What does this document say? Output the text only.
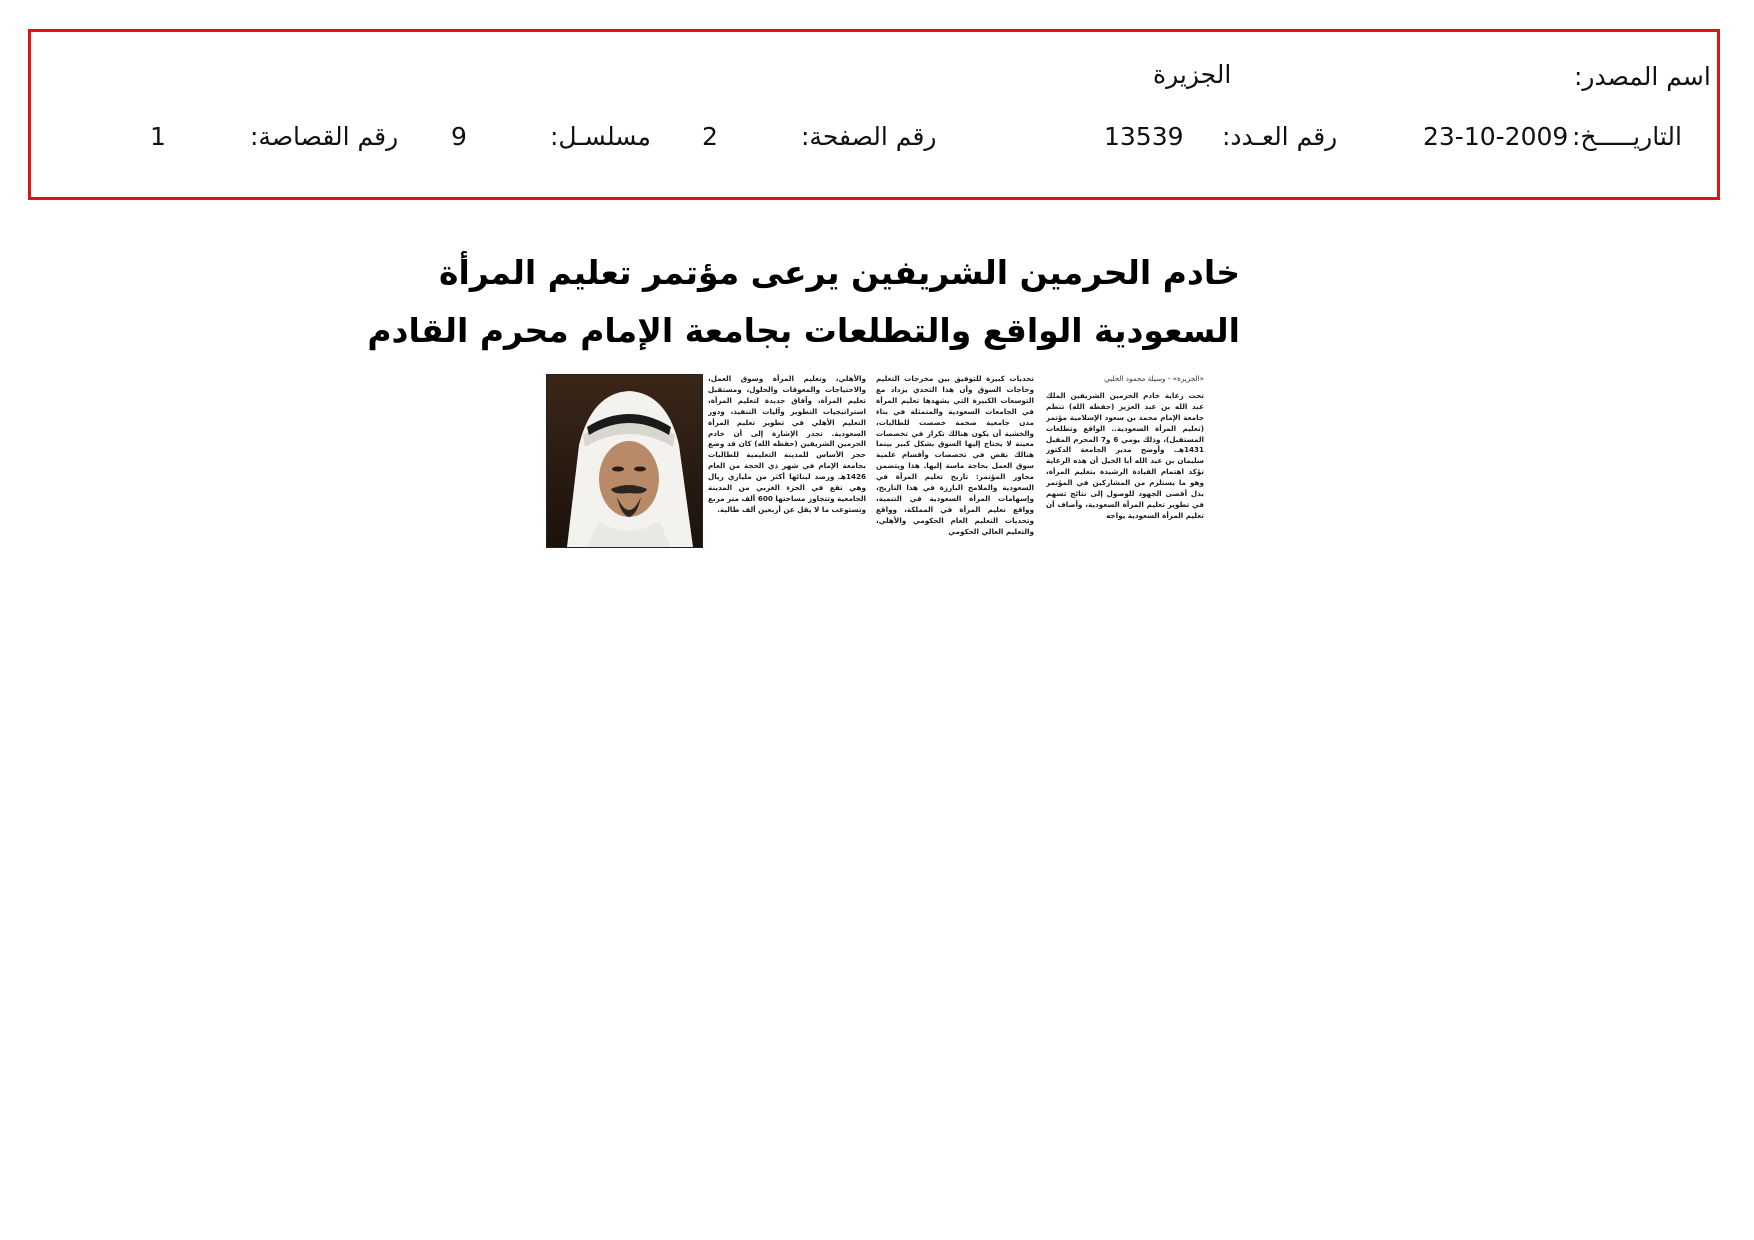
اسم المصدر:
الجزيرة
التاريـــــخ:
23-10-2009
رقم العـدد:
13539
رقم الصفحة:
2
مسلسـل:
9
رقم القصاصة:
1
خادم الحرمين الشريفين يرعى مؤتمر تعليم المرأة
السعودية الواقع والتطلعات بجامعة الإمام محرم القادم

«الجزيرة» - وسيلة محمود الحلبي

تحت رعاية خادم الحرمين الشريفين الملك عبد الله بن عبد العزيز (حفظه الله) تنظم جامعة الإمام محمد بن سعود الإسلامية مؤتمر (تعليم المرأة السعودية.. الواقع وتطلعات المستقبل)، وذلك يومي 6 و7 المحرم المقبل 1431هـ. وأوضح مدير الجامعة الدكتور سليمان بن عبد الله أبا الخيل أن هذه الرعاية تؤكد اهتمام القيادة الرشيدة بتعليم المرأة، وهو ما يستلزم من المشاركين في المؤتمر بذل أقصى الجهود للوصول إلى نتائج تسهم في تطوير تعليم المرأة السعودية، وأضاف أن تعليم المرأة السعودية يواجه

تحديات كبيرة للتوفيق بين مخرجات التعليم وحاجات السوق وأن هذا التحدي يزداد مع التوسعات الكبيرة التي يشهدها تعليم المرأة في الجامعات السعودية والمتمثلة في بناء مدن جامعية ضخمة خصصت للطالبات، والخشية أن يكون هنالك تكرار في تخصصات معينة لا يحتاج إليها السوق بشكل كبير بينما هنالك نقص في تخصصات وأقسام علمية سوق العمل بحاجة ماسة إليها. هذا ويتضمن محاور المؤتمر: تاريخ تعليم المرأة في السعودية والملامح البارزة في هذا التاريخ، وإسهامات المرأة السعودية في التنمية، وواقع تعليم المرأة في المملكة، وواقع وتحديات التعليم العام الحكومي والأهلي، والتعليم العالي الحكومي

والأهلي، وتعليم المرأة وسوق العمل، والاحتياجات والمعوقات والحلول، ومستقبل تعليم المرأة، وآفاق جديدة لتعليم المرأة، استراتيجيات التطوير وآليات التنفيذ، ودور التعليم الأهلي في تطوير تعليم المرأة السعودية. تجدر الإشارة إلى أن خادم الحرمين الشريفين (حفظه الله) كان قد وضع حجر الأساس للمدينة التعليمية للطالبات بجامعة الإمام في شهر ذي الحجة من العام 1426هـ ورصد لبنائها أكثر من ملياري ريال وهي تقع في الجزء الغربي من المدينة الجامعية وتتجاوز مساحتها 600 ألف متر مربع وتستوعب ما لا يقل عن أربعين ألف طالبة.
